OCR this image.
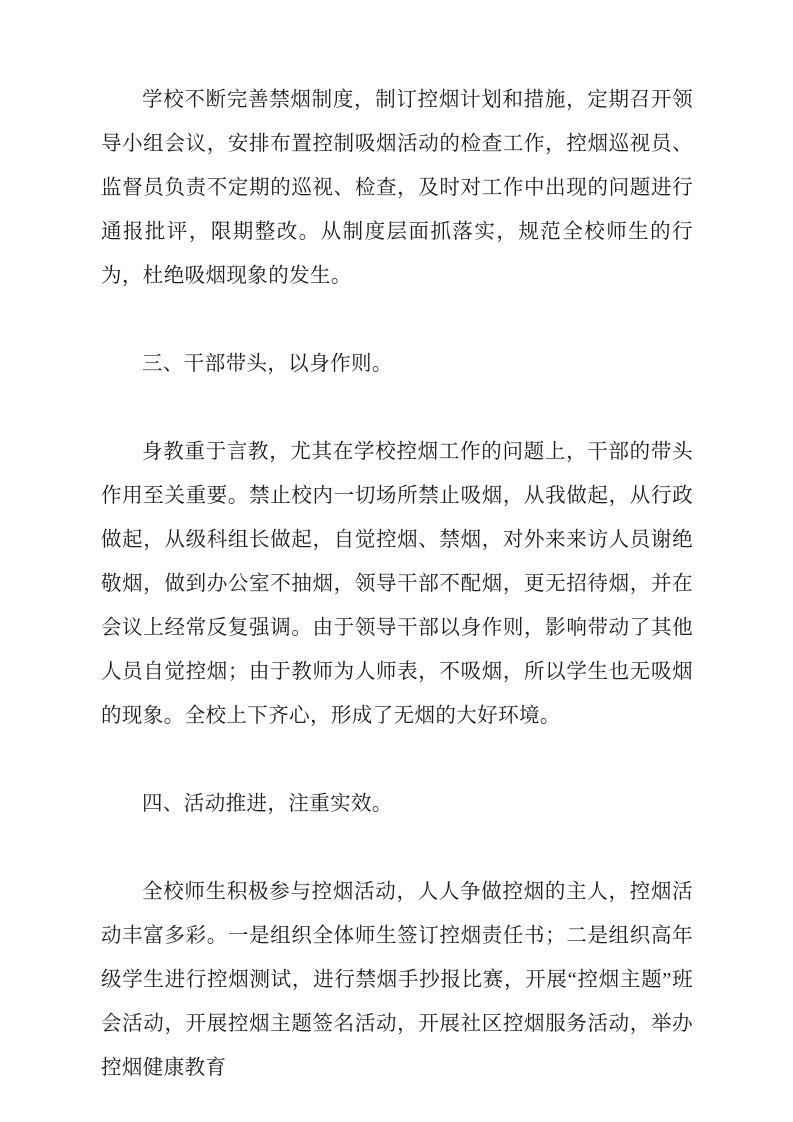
学校不断完善禁烟制度，制订控烟计划和措施，定期召开领导小组会议，安排布置控制吸烟活动的检查工作，控烟巡视员、监督员负责不定期的巡视、检查，及时对工作中出现的问题进行通报批评，限期整改。从制度层面抓落实，规范全校师生的行为，杜绝吸烟现象的发生。

三、干部带头，以身作则。

身教重于言教，尤其在学校控烟工作的问题上，干部的带头作用至关重要。禁止校内一切场所禁止吸烟，从我做起，从行政做起，从级科组长做起，自觉控烟、禁烟，对外来来访人员谢绝敬烟，做到办公室不抽烟，领导干部不配烟，更无招待烟，并在会议上经常反复强调。由于领导干部以身作则，影响带动了其他人员自觉控烟；由于教师为人师表，不吸烟，所以学生也无吸烟的现象。全校上下齐心，形成了无烟的大好环境。

四、活动推进，注重实效。

全校师生积极参与控烟活动，人人争做控烟的主人，控烟活动丰富多彩。一是组织全体师生签订控烟责任书；二是组织高年级学生进行控烟测试，进行禁烟手抄报比赛，开展“控烟主题”班会活动，开展控烟主题签名活动，开展社区控烟服务活动，举办控烟健康教育
